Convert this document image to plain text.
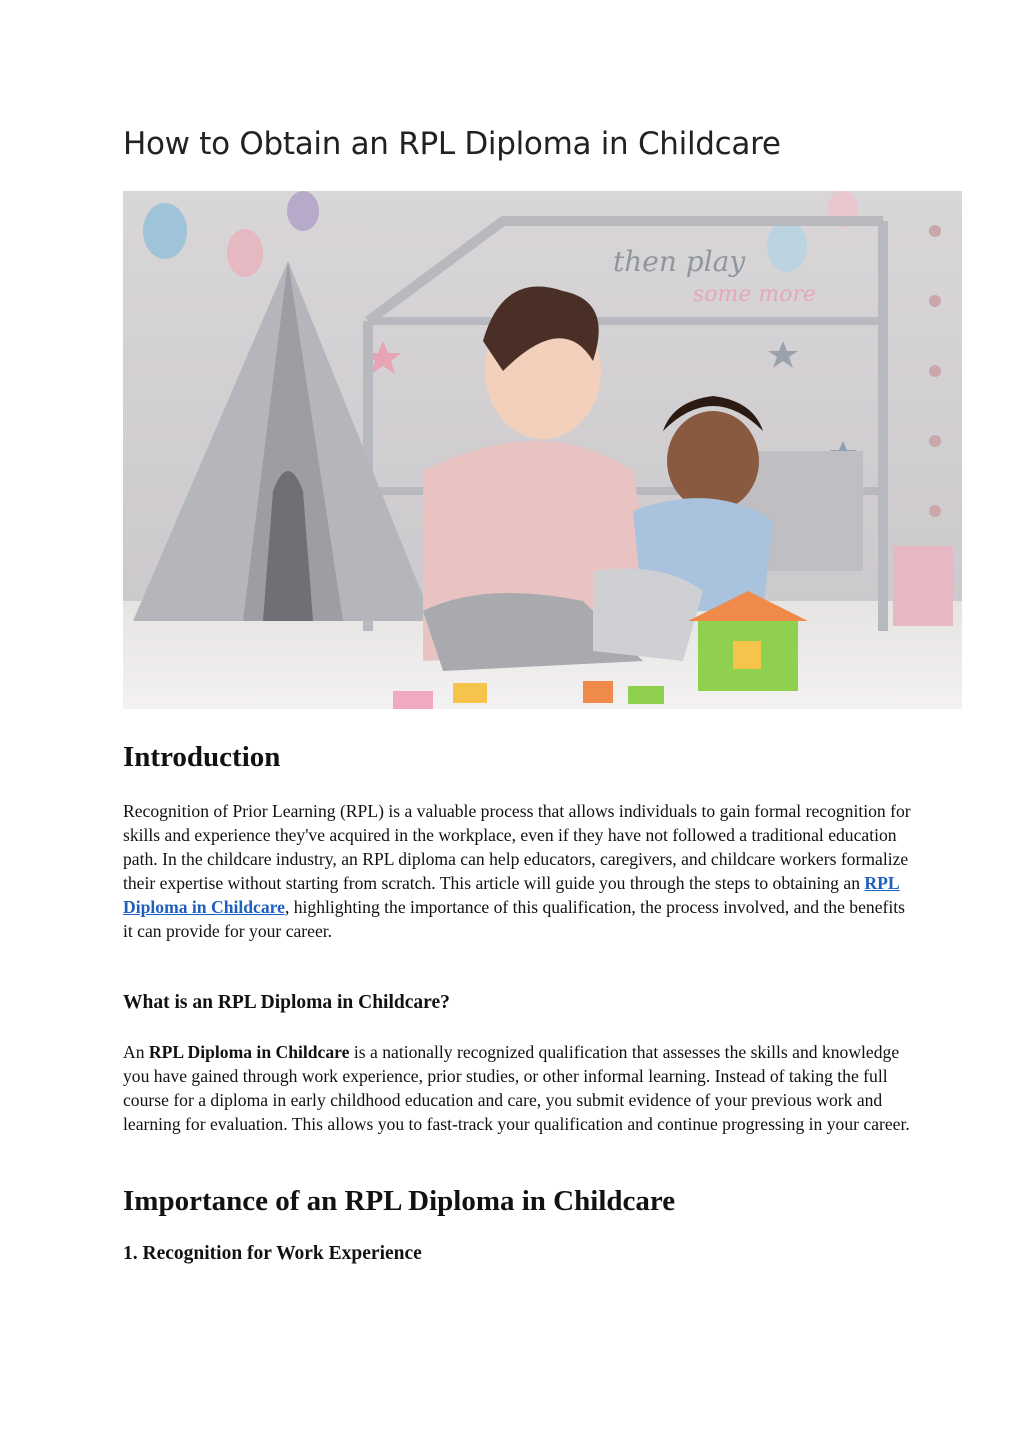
How to Obtain an RPL Diploma in Childcare
then play
some more
Introduction

Recognition of Prior Learning (RPL) is a valuable process that allows individuals to gain formal recognition for skills and experience they've acquired in the workplace, even if they have not followed a traditional education path. In the childcare industry, an RPL diploma can help educators, caregivers, and childcare workers formalize their expertise without starting from scratch. This article will guide you through the steps to obtaining an RPL Diploma in Childcare, highlighting the importance of this qualification, the process involved, and the benefits it can provide for your career.

What is an RPL Diploma in Childcare?

An RPL Diploma in Childcare is a nationally recognized qualification that assesses the skills and knowledge you have gained through work experience, prior studies, or other informal learning. Instead of taking the full course for a diploma in early childhood education and care, you submit evidence of your previous work and learning for evaluation. This allows you to fast-track your qualification and continue progressing in your career.

Importance of an RPL Diploma in Childcare
1. Recognition for Work Experience
